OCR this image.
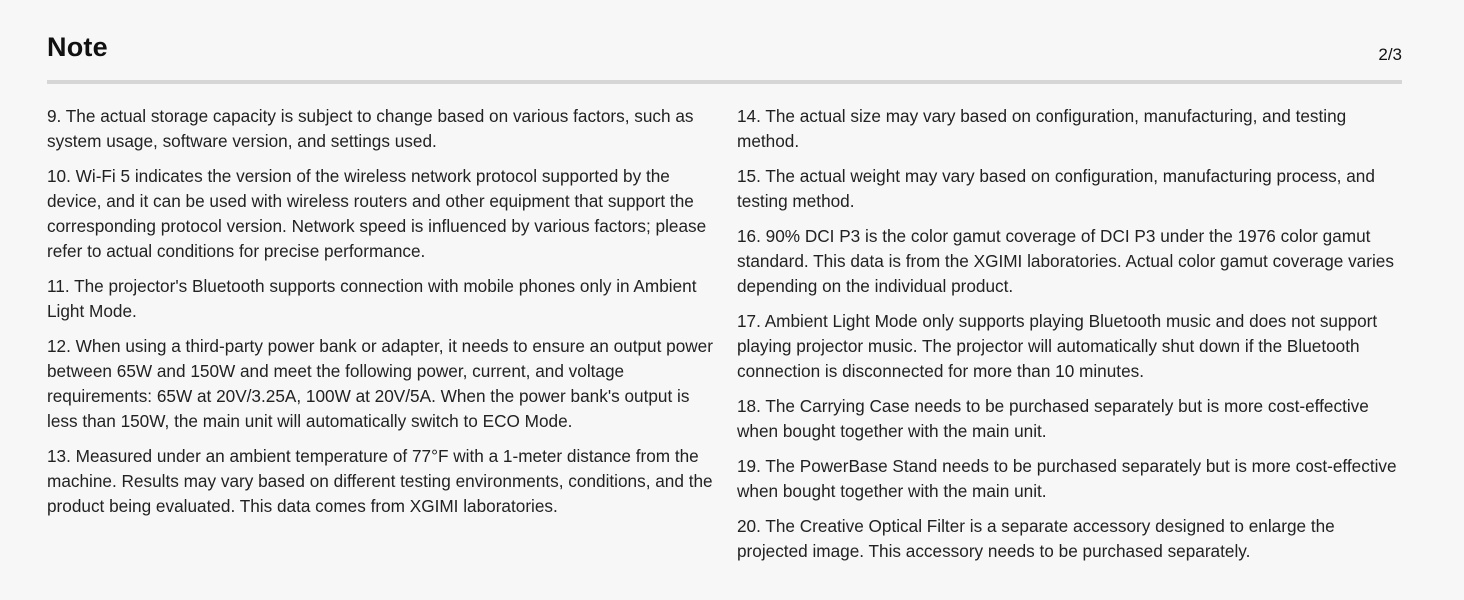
Note	2/3

9. The actual storage capacity is subject to change based on various factors, such as system usage, software version, and settings used.

10. Wi-Fi 5 indicates the version of the wireless network protocol supported by the device, and it can be used with wireless routers and other equipment that support the corresponding protocol version. Network speed is influenced by various factors; please refer to actual conditions for precise performance.

11. The projector's Bluetooth supports connection with mobile phones only in Ambient Light Mode.

12. When using a third-party power bank or adapter, it needs to ensure an output power between 65W and 150W and meet the following power, current, and voltage requirements: 65W at 20V/3.25A, 100W at 20V/5A. When the power bank's output is less than 150W, the main unit will automatically switch to ECO Mode.

13. Measured under an ambient temperature of 77°F with a 1-meter distance from the machine. Results may vary based on different testing environments, conditions, and the product being evaluated. This data comes from XGIMI laboratories.

14. The actual size may vary based on configuration, manufacturing, and testing method.

15. The actual weight may vary based on configuration, manufacturing process, and testing method.

16. 90% DCI P3 is the color gamut coverage of DCI P3 under the 1976 color gamut standard. This data is from the XGIMI laboratories. Actual color gamut coverage varies depending on the individual product.

17. Ambient Light Mode only supports playing Bluetooth music and does not support playing projector music. The projector will automatically shut down if the Bluetooth connection is disconnected for more than 10 minutes.

18. The Carrying Case needs to be purchased separately but is more cost-effective when bought together with the main unit.

19. The PowerBase Stand needs to be purchased separately but is more cost-effective when bought together with the main unit.

20. The Creative Optical Filter is a separate accessory designed to enlarge the projected image. This accessory needs to be purchased separately.
